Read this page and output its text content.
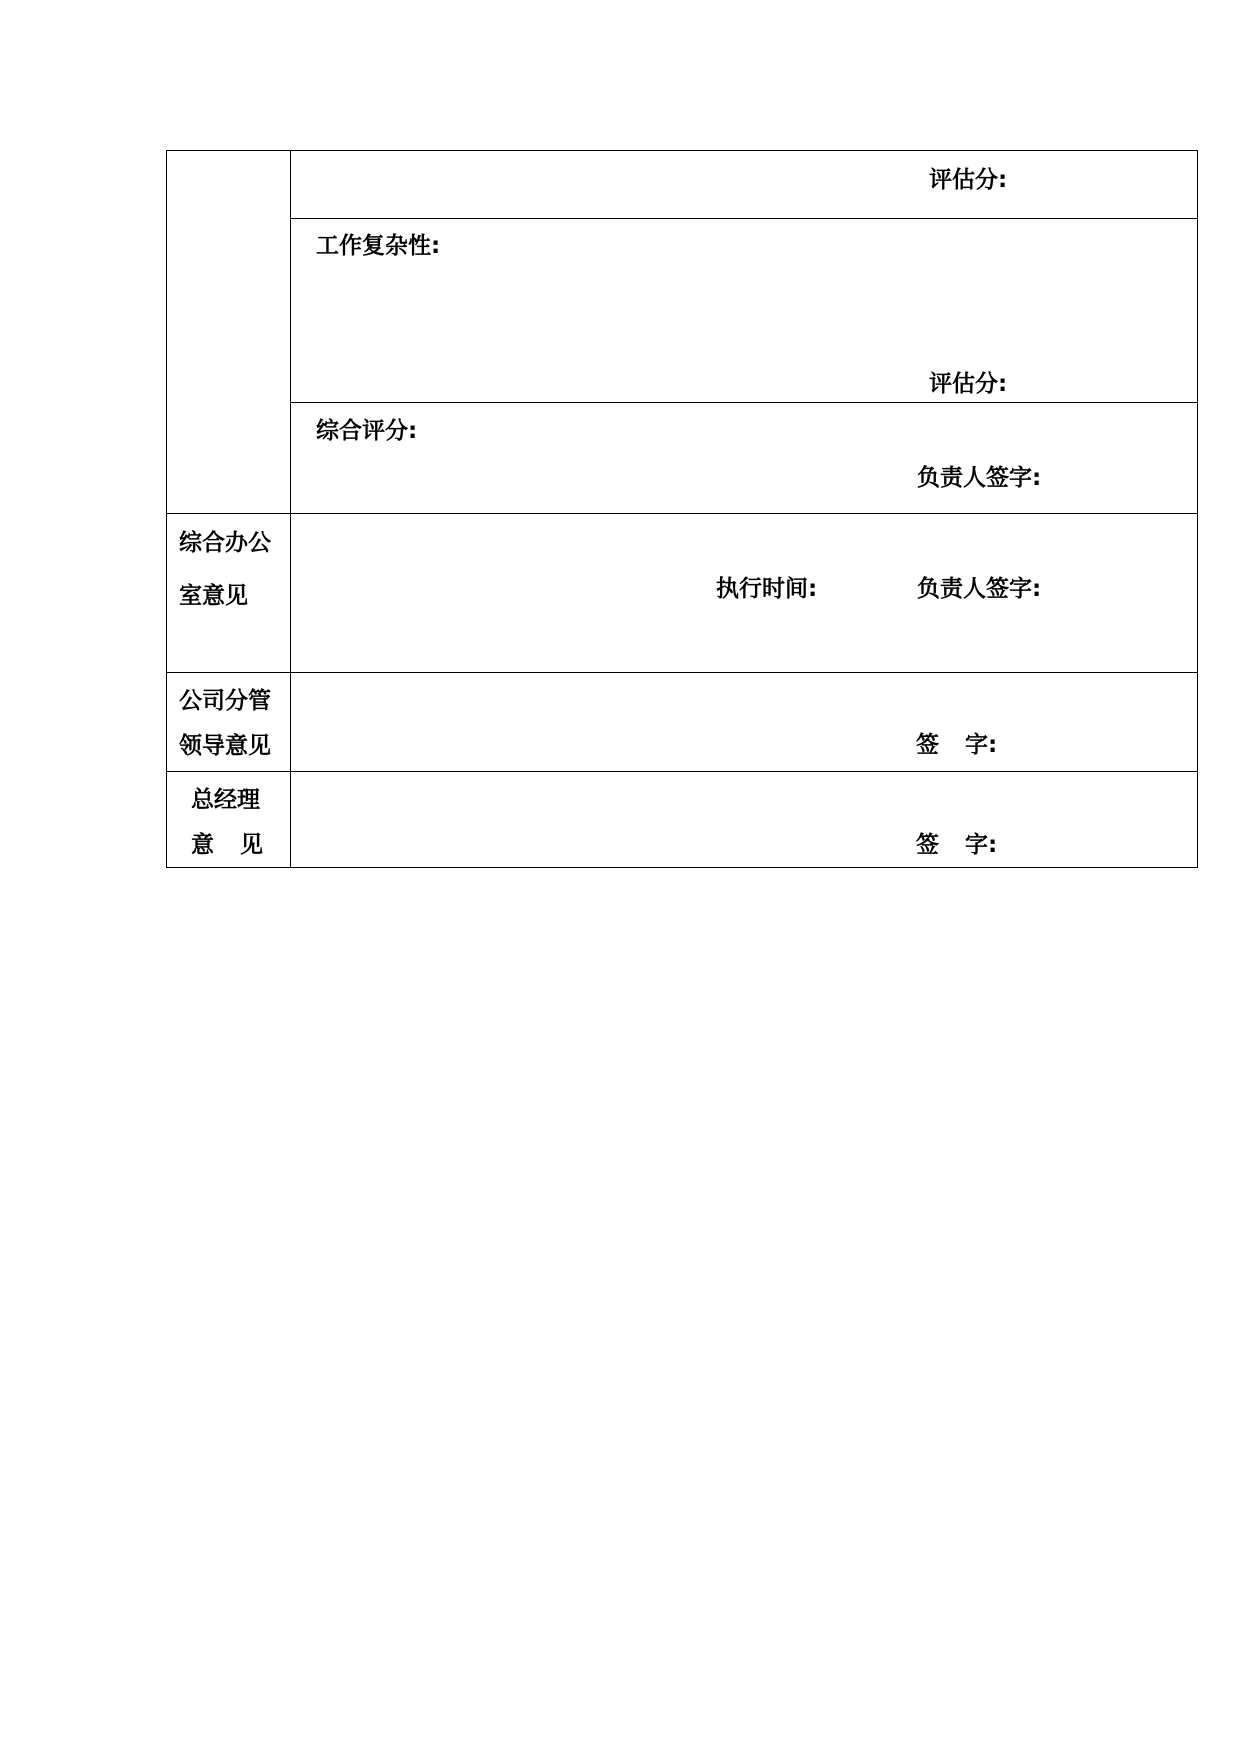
评估分:
工作复杂性:
评估分:
综合评分:
负责人签字:
综合办公
室意见	执行时间:	负责人签字:
公司分管
领导意见	签 字:
总经理
意 见	签 字:
